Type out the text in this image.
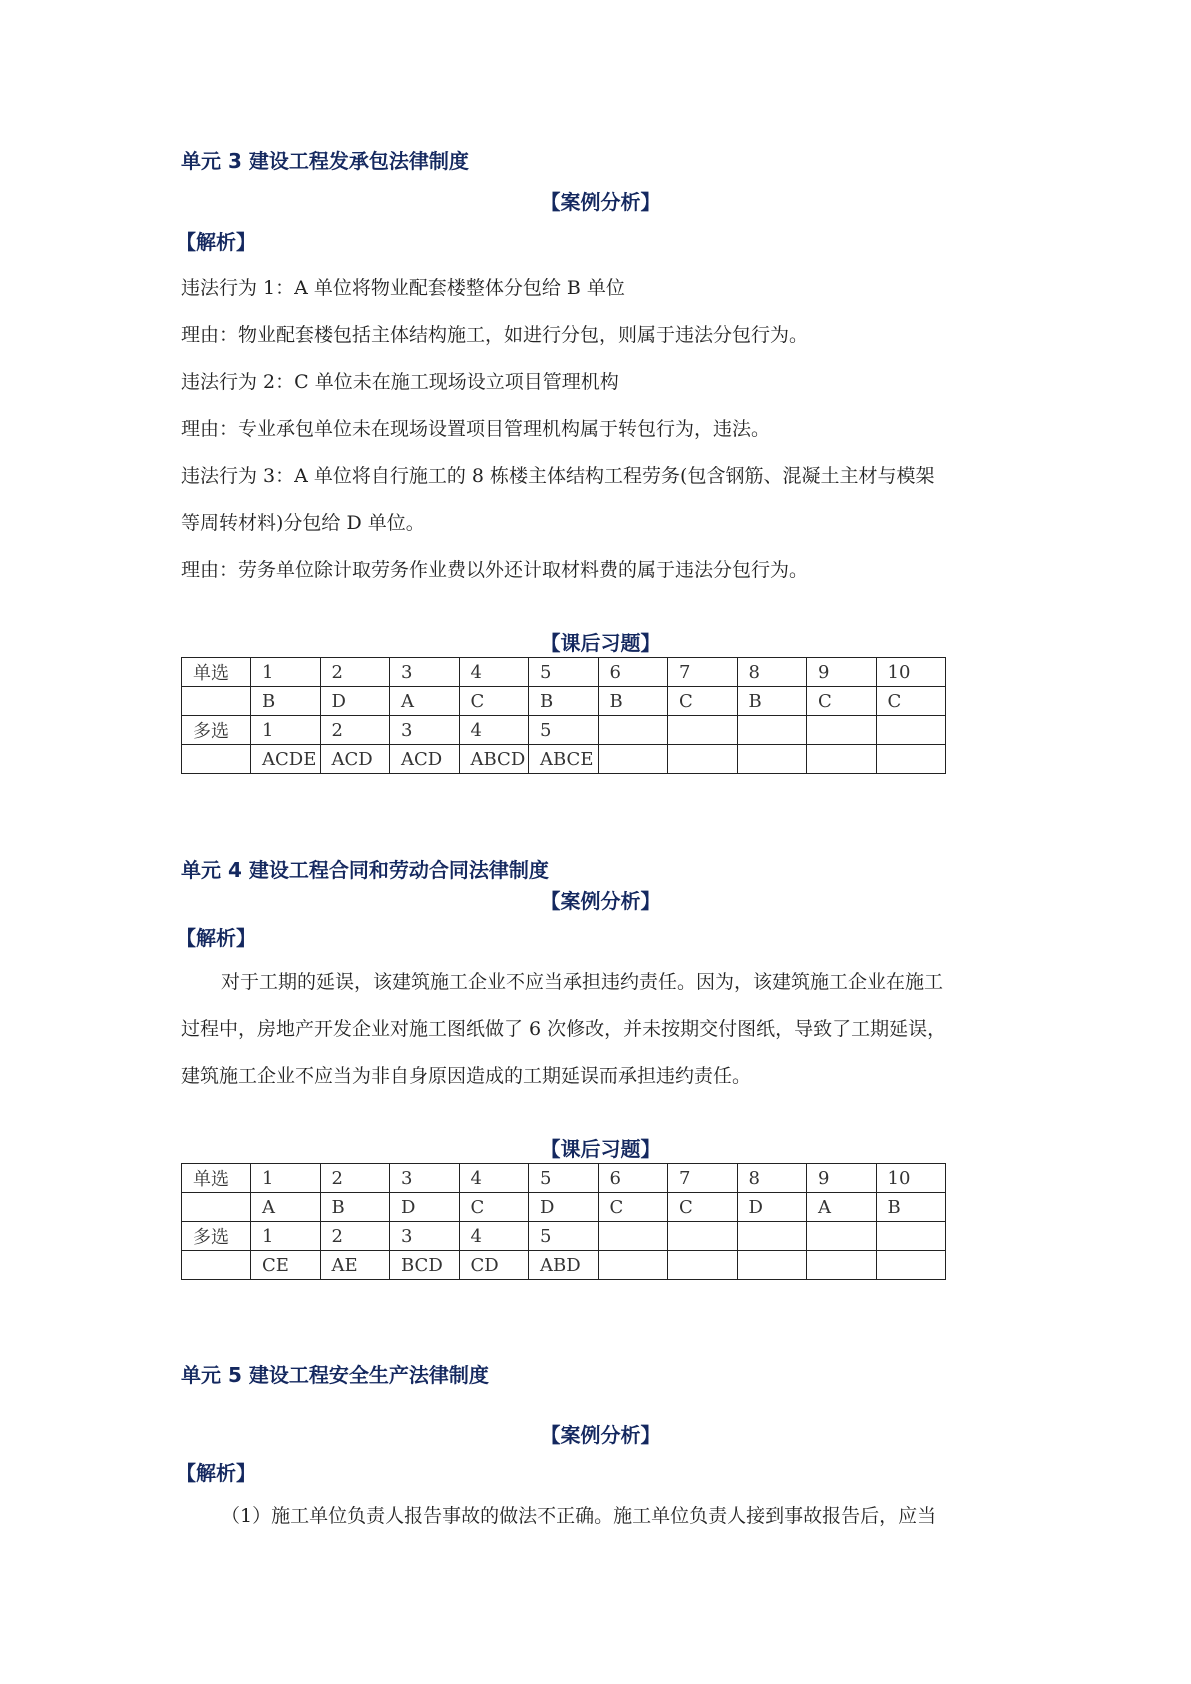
单元 3 建设工程发承包法律制度
【案例分析】
【解析】
违法行为 1：A 单位将物业配套楼整体分包给 B 单位
理由：物业配套楼包括主体结构施工，如进行分包，则属于违法分包行为。
违法行为 2：C 单位未在施工现场设立项目管理机构
理由：专业承包单位未在现场设置项目管理机构属于转包行为，违法。
违法行为 3：A 单位将自行施工的 8 栋楼主体结构工程劳务(包含钢筋、混凝土主材与模架
等周转材料)分包给 D 单位。
理由：劳务单位除计取劳务作业费以外还计取材料费的属于违法分包行为。
【课后习题】
单选	1	2	3	4	5	6	7	8	9	10
	B	D	A	C	B	B	C	B	C	C
多选	1	2	3	4	5					
	ACDE	ACD	ACD	ABCD	ABCE					
单元 4 建设工程合同和劳动合同法律制度
【案例分析】
【解析】
对于工期的延误，该建筑施工企业不应当承担违约责任。因为，该建筑施工企业在施工
过程中，房地产开发企业对施工图纸做了 6 次修改，并未按期交付图纸，导致了工期延误，
建筑施工企业不应当为非自身原因造成的工期延误而承担违约责任。
【课后习题】
单选	1	2	3	4	5	6	7	8	9	10
	A	B	D	C	D	C	C	D	A	B
多选	1	2	3	4	5					
	CE	AE	BCD	CD	ABD					
单元 5 建设工程安全生产法律制度
【案例分析】
【解析】
（1）施工单位负责人报告事故的做法不正确。施工单位负责人接到事故报告后，应当
